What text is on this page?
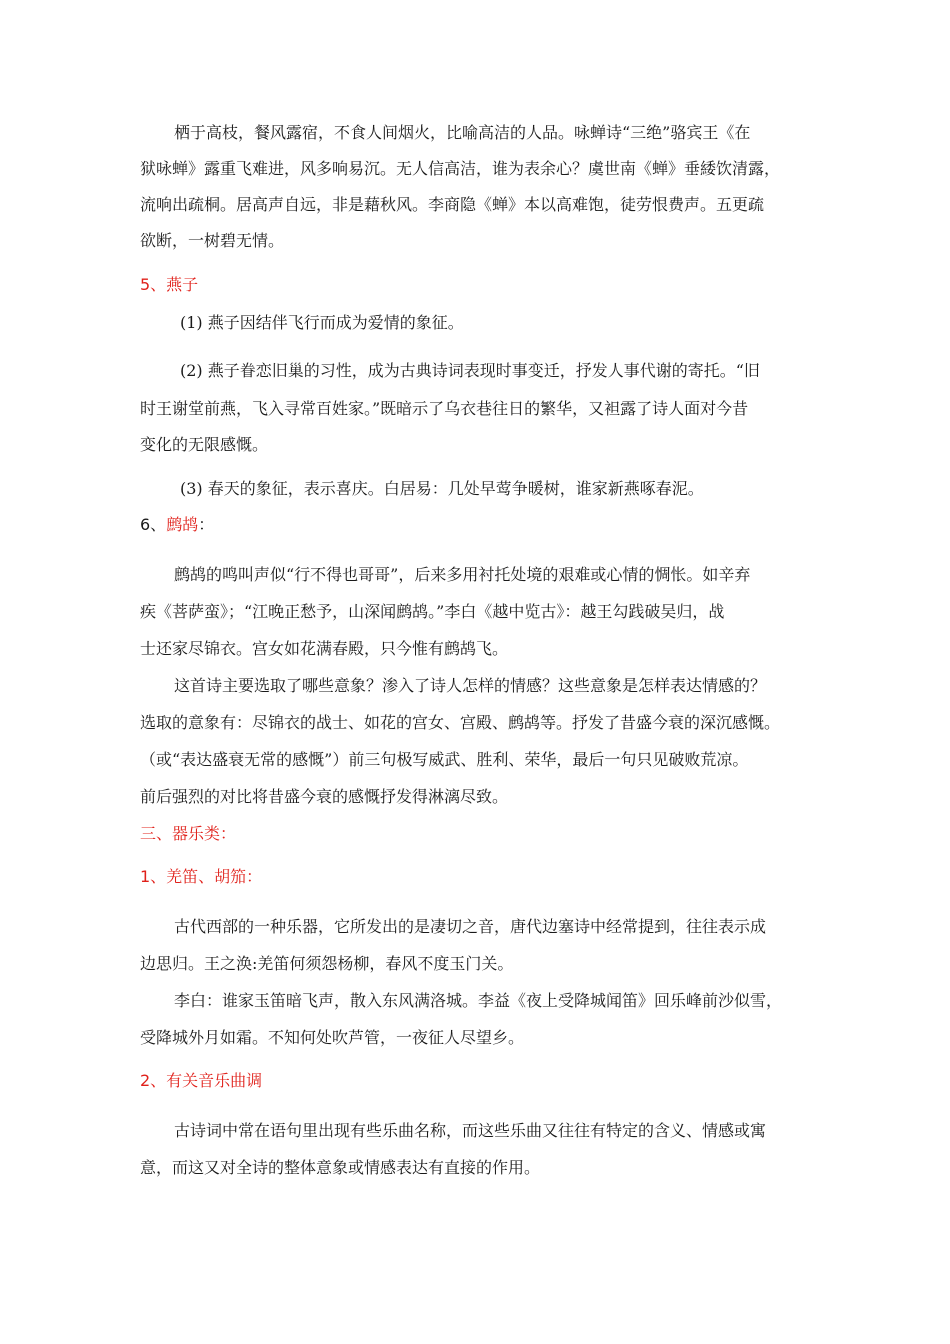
栖于高枝，餐风露宿，不食人间烟火，比喻高洁的人品。咏蝉诗“三绝”骆宾王《在
狱咏蝉》露重飞难进，风多响易沉。无人信高洁，谁为表余心？虞世南《蝉》垂緌饮清露，
流响出疏桐。居高声自远，非是藉秋风。李商隐《蝉》本以高难饱，徒劳恨费声。五更疏
欲断，一树碧无情。
5、燕子
(1) 燕子因结伴飞行而成为爱情的象征。
(2) 燕子眷恋旧巢的习性，成为古典诗词表现时事变迁，抒发人事代谢的寄托。“旧
时王谢堂前燕，飞入寻常百姓家。”既暗示了乌衣巷往日的繁华，又袒露了诗人面对今昔
变化的无限感慨。
(3) 春天的象征，表示喜庆。白居易：几处早莺争暖树，谁家新燕啄春泥。
6、鹧鸪：
鹧鸪的鸣叫声似“行不得也哥哥”，后来多用衬托处境的艰难或心情的惆怅。如辛弃
疾《菩萨蛮》；“江晚正愁予，山深闻鹧鸪。”李白《越中览古》：越王勾践破吴归，战
士还家尽锦衣。宫女如花满春殿，只今惟有鹧鸪飞。
这首诗主要选取了哪些意象？渗入了诗人怎样的情感？这些意象是怎样表达情感的？
选取的意象有：尽锦衣的战士、如花的宫女、宫殿、鹧鸪等。抒发了昔盛今衰的深沉感慨。
（或“表达盛衰无常的感慨”）前三句极写威武、胜利、荣华，最后一句只见破败荒凉。
前后强烈的对比将昔盛今衰的感慨抒发得淋漓尽致。
三、器乐类：
1、羌笛、胡笳：
古代西部的一种乐器，它所发出的是凄切之音，唐代边塞诗中经常提到，往往表示成
边思归。王之涣:羌笛何须怨杨柳，春风不度玉门关。
李白：谁家玉笛暗飞声，散入东风满洛城。李益《夜上受降城闻笛》回乐峰前沙似雪，
受降城外月如霜。不知何处吹芦管，一夜征人尽望乡。
2、有关音乐曲调
古诗词中常在语句里出现有些乐曲名称，而这些乐曲又往往有特定的含义、情感或寓
意，而这又对全诗的整体意象或情感表达有直接的作用。
